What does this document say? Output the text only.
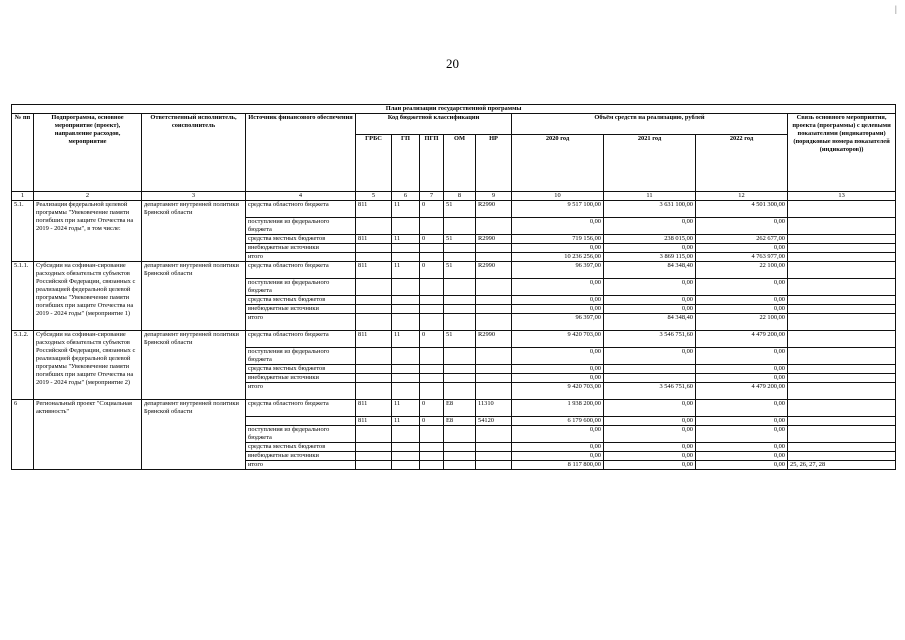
20
|
План реализации государственной программы												
№ пп	Подпрограмма, основное мероприятие (проект), направление расходов, мероприятие	Ответственный исполнитель, соисполнитель	Источник финансового обеспечения	Код бюджетной классификации					Объём средств на реализацию, рублей			Связь основного мероприятия, проекта (программы) с целевыми показателями (индикаторами) (порядковые номера показателей (индикаторов))
				ГРБС	ГП	ПГП	ОМ	НР	2020 год	2021 год	2022 год	
1	2	3	4	5	6	7	8	9	10	11	12	13
5.1.	Реализация федеральной целевой программы "Увековечение памяти погибших при защите Отечества на 2019 - 2024 годы", в том числе:	департамент внутренней политики Брянской области	средства областного бюджета	811	11	0	51	R2990	9 517 100,00	3 631 100,00	4 501 300,00	
			поступления из федерального бюджета						0,00	0,00	0,00	
			средства местных бюджетов	811	11	0	51	R2990	719 156,00	238 015,00	262 677,00	
			внебюджетные источники						0,00	0,00	0,00	
			итого						10 236 256,00	3 869 115,00	4 763 977,00	
5.1.1.	Субсидии на софинан-сирование расходных обязательств субъектов Российской Федерации, связанных с реализацией федеральной целевой программы "Увековечение памяти погибших при защите Отечества на 2019 - 2024 годы" (мероприятие 1)	департамент внутренней политики Брянской области	средства областного бюджета	811	11	0	51	R2990	96 397,00	84 348,40	22 100,00	
			поступления из федерального бюджета						0,00	0,00	0,00	
			средства местных бюджетов						0,00	0,00	0,00	
			внебюджетные источники						0,00	0,00	0,00	
			итого						96 397,00	84 348,40	22 100,00	
5.1.2.	Субсидии на софинан-сирование расходных обязательств субъектов Российской Федерации, связанных с реализацией федеральной целевой программы "Увековечение памяти погибших при защите Отечества на 2019 - 2024 годы" (мероприятие 2)	департамент внутренней политики Брянской области	средства областного бюджета	811	11	0	51	R2990	9 420 703,00	3 546 751,60	4 479 200,00	
			поступления из федерального бюджета						0,00	0,00	0,00	
			средства местных бюджетов						0,00		0,00	
			внебюджетные источники						0,00		0,00	
			итого						9 420 703,00	3 546 751,60	4 479 200,00	
6	Региональный проект "Социальная активность"	департамент внутренней политики Брянской области	средства областного бюджета	811	11	0	E8	11310	1 938 200,00	0,00	0,00	
				811	11	0	E8	54120	6 179 600,00	0,00	0,00	
			поступления из федерального бюджета						0,00	0,00	0,00	
			средства местных бюджетов						0,00	0,00	0,00	
			внебюджетные источники						0,00	0,00	0,00	
			итого						8 117 800,00	0,00	0,00	25, 26, 27, 28
